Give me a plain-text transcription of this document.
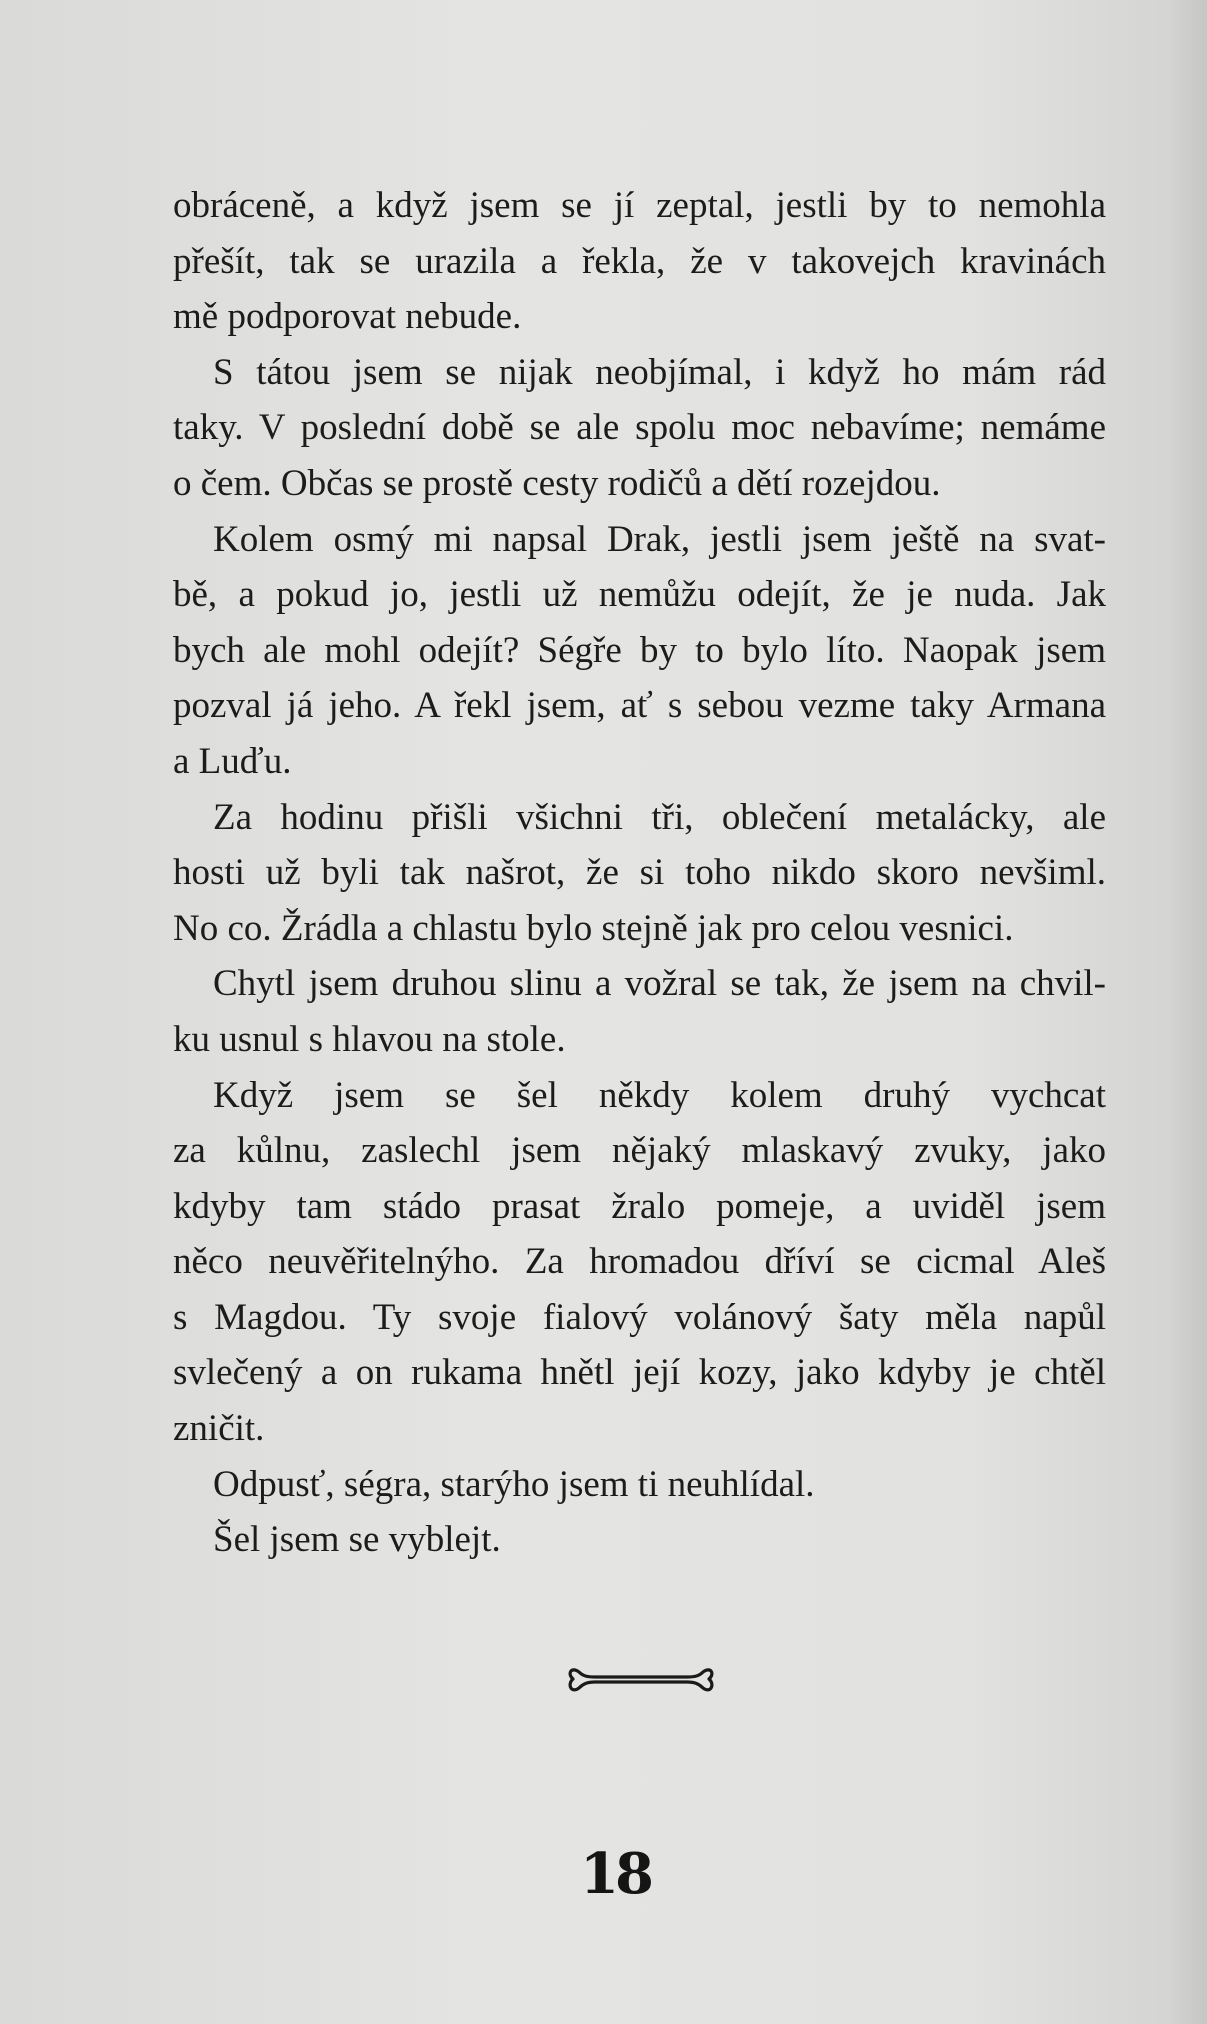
obráceně, a když jsem se jí zeptal, jestli by to nemohla
přešít, tak se urazila a řekla, že v takovejch kravinách
mě podporovat nebude.
S tátou jsem se nijak neobjímal, i když ho mám rád
taky. V poslední době se ale spolu moc nebavíme; nemáme
o čem. Občas se prostě cesty rodičů a dětí rozejdou.
Kolem osmý mi napsal Drak, jestli jsem ještě na svat-
bě, a pokud jo, jestli už nemůžu odejít, že je nuda. Jak
bych ale mohl odejít? Ségře by to bylo líto. Naopak jsem
pozval já jeho. A řekl jsem, ať s sebou vezme taky Armana
a Luďu.
Za hodinu přišli všichni tři, oblečení metalácky, ale
hosti už byli tak našrot, že si toho nikdo skoro nevšiml.
No co. Žrádla a chlastu bylo stejně jak pro celou vesnici.
Chytl jsem druhou slinu a vožral se tak, že jsem na chvil-
ku usnul s hlavou na stole.
Když jsem se šel někdy kolem druhý vychcat
za kůlnu, zaslechl jsem nějaký mlaskavý zvuky, jako
kdyby tam stádo prasat žralo pomeje, a uviděl jsem
něco neuvěřitelnýho. Za hromadou dříví se cicmal Aleš
s Magdou. Ty svoje fialový volánový šaty měla napůl
svlečený a on rukama hnětl její kozy, jako kdyby je chtěl
zničit.
Odpusť, ségra, starýho jsem ti neuhlídal.
Šel jsem se vyblejt.
18
